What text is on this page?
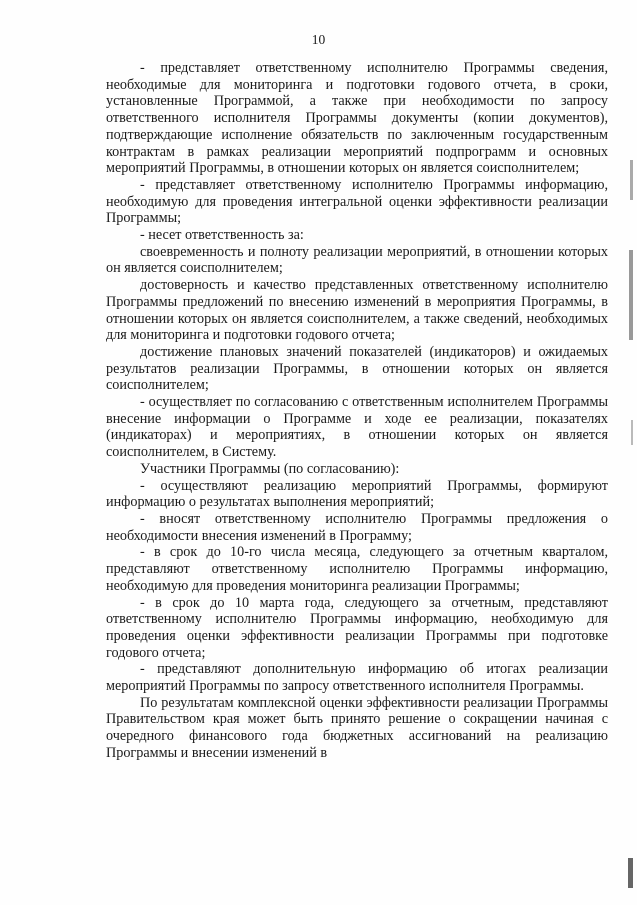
10

- представляет ответственному исполнителю Программы сведения, необходимые для мониторинга и подготовки годового отчета, в сроки, установленные Программой, а также при необходимости по запросу ответственного исполнителя Программы документы (копии документов), подтверждающие исполнение обязательств по заключенным государственным контрактам в рамках реализации мероприятий подпрограмм и основных мероприятий Программы, в отношении которых он является соисполнителем;

- представляет ответственному исполнителю Программы информацию, необходимую для проведения интегральной оценки эффективности реализации Программы;

- несет ответственность за:

своевременность и полноту реализации мероприятий, в отношении которых он является соисполнителем;

достоверность и качество представленных ответственному исполнителю Программы предложений по внесению изменений в мероприятия Программы, в отношении которых он является соисполнителем, а также сведений, необходимых для мониторинга и подготовки годового отчета;

достижение плановых значений показателей (индикаторов) и ожидаемых результатов реализации Программы, в отношении которых он является соисполнителем;

- осуществляет по согласованию с ответственным исполнителем Программы внесение информации о Программе и ходе ее реализации, показателях (индикаторах) и мероприятиях, в отношении которых он является соисполнителем, в Систему.

Участники Программы (по согласованию):

- осуществляют реализацию мероприятий Программы, формируют информацию о результатах выполнения мероприятий;

- вносят ответственному исполнителю Программы предложения о необходимости внесения изменений в Программу;

- в срок до 10-го числа месяца, следующего за отчетным кварталом, представляют ответственному исполнителю Программы информацию, необходимую для проведения мониторинга реализации Программы;

- в срок до 10 марта года, следующего за отчетным, представляют ответственному исполнителю Программы информацию, необходимую для проведения оценки эффективности реализации Программы при подготовке годового отчета;

- представляют дополнительную информацию об итогах реализации мероприятий Программы по запросу ответственного исполнителя Программы.

По результатам комплексной оценки эффективности реализации Программы Правительством края может быть принято решение о сокращении начиная с очередного финансового года бюджетных ассигнований на реализацию Программы и внесении изменений в
